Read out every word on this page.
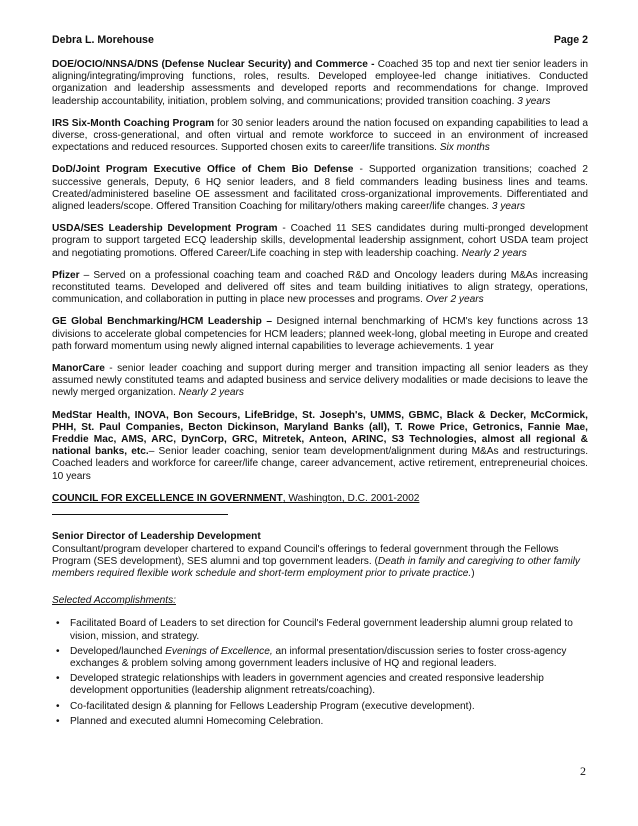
Debra L. Morehouse	Page 2

DOE/OCIO/NNSA/DNS (Defense Nuclear Security) and Commerce - Coached 35 top and next tier senior leaders in aligning/integrating/improving functions, roles, results. Developed employee-led change initiatives. Conducted organization and leadership assessments and developed reports and recommendations for change. Improved leadership accountability, initiation, problem solving, and communications; provided transition coaching. 3 years

IRS Six-Month Coaching Program for 30 senior leaders around the nation focused on expanding capabilities to lead a diverse, cross-generational, and often virtual and remote workforce to succeed in an environment of increased expectations and reduced resources. Supported chosen exits to career/life transitions. Six months

DoD/Joint Program Executive Office of Chem Bio Defense - Supported organization transitions; coached 2 successive generals, Deputy, 6 HQ senior leaders, and 8 field commanders leading business lines and teams. Created/administered baseline OE assessment and facilitated cross-organizational improvements. Differentiated and aligned leaders/scope. Offered Transition Coaching for military/others making career/life changes. 3 years

USDA/SES Leadership Development Program - Coached 11 SES candidates during multi-pronged development program to support targeted ECQ leadership skills, developmental leadership assignment, cohort USDA team project and negotiating promotions. Offered Career/Life coaching in step with leadership coaching. Nearly 2 years

Pfizer – Served on a professional coaching team and coached R&D and Oncology leaders during M&As increasing reconstituted teams. Developed and delivered off sites and team building initiatives to align strategy, operations, communication, and collaboration in putting in place new processes and programs. Over 2 years

GE Global Benchmarking/HCM Leadership – Designed internal benchmarking of HCM's key functions across 13 divisions to accelerate global competencies for HCM leaders; planned week-long, global meeting in Europe and created path forward momentum using newly aligned internal capabilities to leverage achievements. 1 year

ManorCare - senior leader coaching and support during merger and transition impacting all senior leaders as they assumed newly constituted teams and adapted business and service delivery modalities or made decisions to leave the newly merged organization. Nearly 2 years

MedStar Health, INOVA, Bon Secours, LifeBridge, St. Joseph's, UMMS, GBMC, Black & Decker, McCormick, PHH, St. Paul Companies, Becton Dickinson, Maryland Banks (all), T. Rowe Price, Getronics, Fannie Mae, Freddie Mac, AMS, ARC, DynCorp, GRC, Mitretek, Anteon, ARINC, S3 Technologies, almost all regional & national banks, etc.– Senior leader coaching, senior team development/alignment during M&As and restructurings. Coached leaders and workforce for career/life change, career advancement, active retirement, entrepreneurial choices. 10 years

COUNCIL FOR EXCELLENCE IN GOVERNMENT, Washington, D.C. 2001-2002

Senior Director of Leadership Development
Consultant/program developer chartered to expand Council's offerings to federal government through the Fellows Program (SES development), SES alumni and top government leaders. (Death in family and caregiving to other family members required flexible work schedule and short-term employment prior to private practice.)

Selected Accomplishments:

• Facilitated Board of Leaders to set direction for Council's Federal government leadership alumni group related to vision, mission, and strategy.
• Developed/launched Evenings of Excellence, an informal presentation/discussion series to foster cross-agency exchanges & problem solving among government leaders inclusive of HQ and regional leaders.
• Developed strategic relationships with leaders in government agencies and created responsive leadership development opportunities (leadership alignment retreats/coaching).
• Co-facilitated design & planning for Fellows Leadership Program (executive development).
• Planned and executed alumni Homecoming Celebration.
2
